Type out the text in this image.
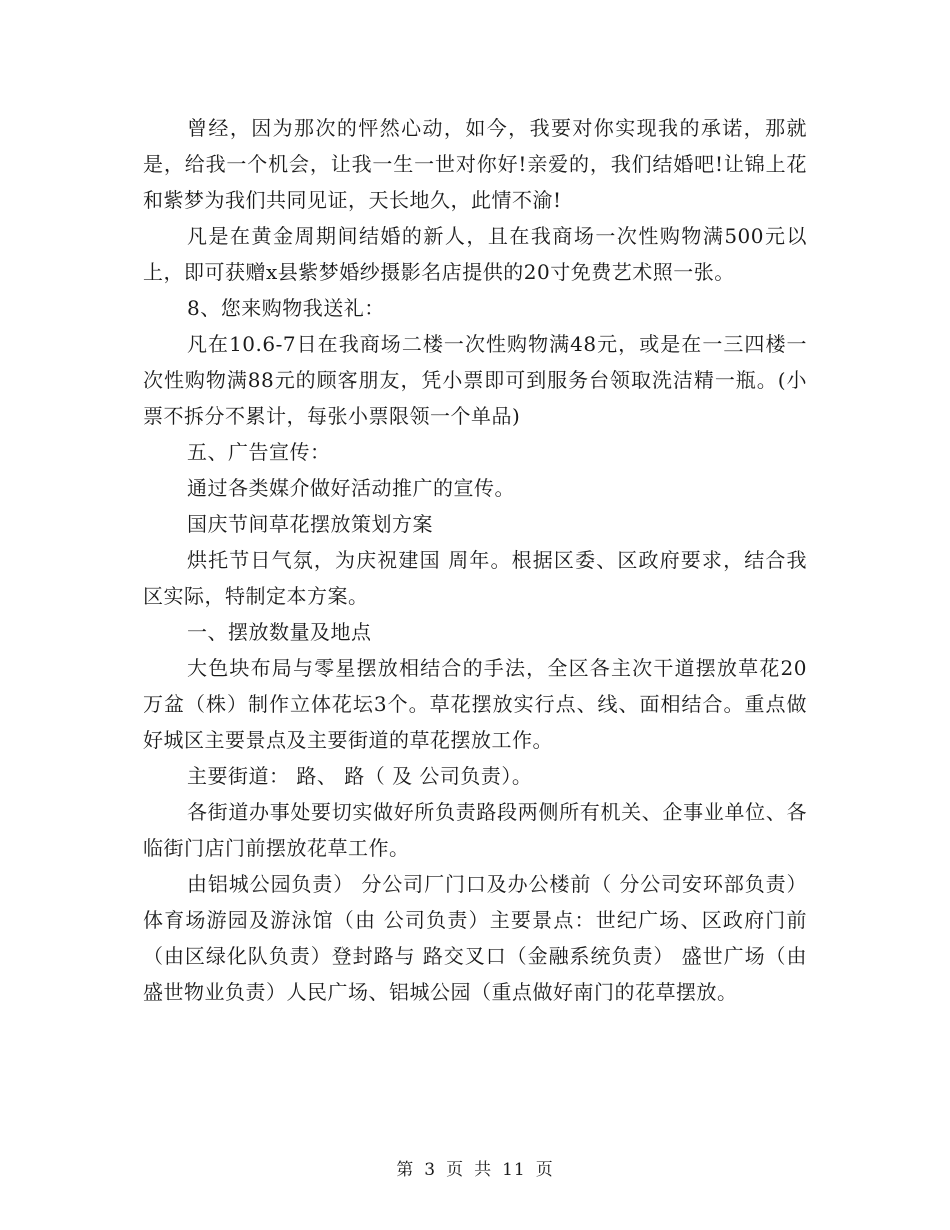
曾经，因为那次的怦然心动，如今，我要对你实现我的承诺，那就是，给我一个机会，让我一生一世对你好!亲爱的，我们结婚吧!让锦上花和紫梦为我们共同见证，天长地久，此情不渝!

凡是在黄金周期间结婚的新人，且在我商场一次性购物满500元以上，即可获赠x县紫梦婚纱摄影名店提供的20寸免费艺术照一张。

8、您来购物我送礼：

凡在10.6-7日在我商场二楼一次性购物满48元，或是在一三四楼一次性购物满88元的顾客朋友，凭小票即可到服务台领取洗洁精一瓶。(小票不拆分不累计，每张小票限领一个单品)

五、广告宣传：

通过各类媒介做好活动推广的宣传。

国庆节间草花摆放策划方案

烘托节日气氛，为庆祝建国 周年。根据区委、区政府要求，结合我区实际，特制定本方案。

一、摆放数量及地点

大色块布局与零星摆放相结合的手法，全区各主次干道摆放草花20万盆（株）制作立体花坛3个。草花摆放实行点、线、面相结合。重点做好城区主要景点及主要街道的草花摆放工作。

主要街道： 路、 路（ 及 公司负责）。

各街道办事处要切实做好所负责路段两侧所有机关、企事业单位、各临街门店门前摆放花草工作。

由铝城公园负责） 分公司厂门口及办公楼前（ 分公司安环部负责）体育场游园及游泳馆（由 公司负责）主要景点：世纪广场、区政府门前（由区绿化队负责）登封路与 路交叉口（金融系统负责） 盛世广场（由 盛世物业负责）人民广场、铝城公园（重点做好南门的花草摆放。

第 3 页 共 11 页
